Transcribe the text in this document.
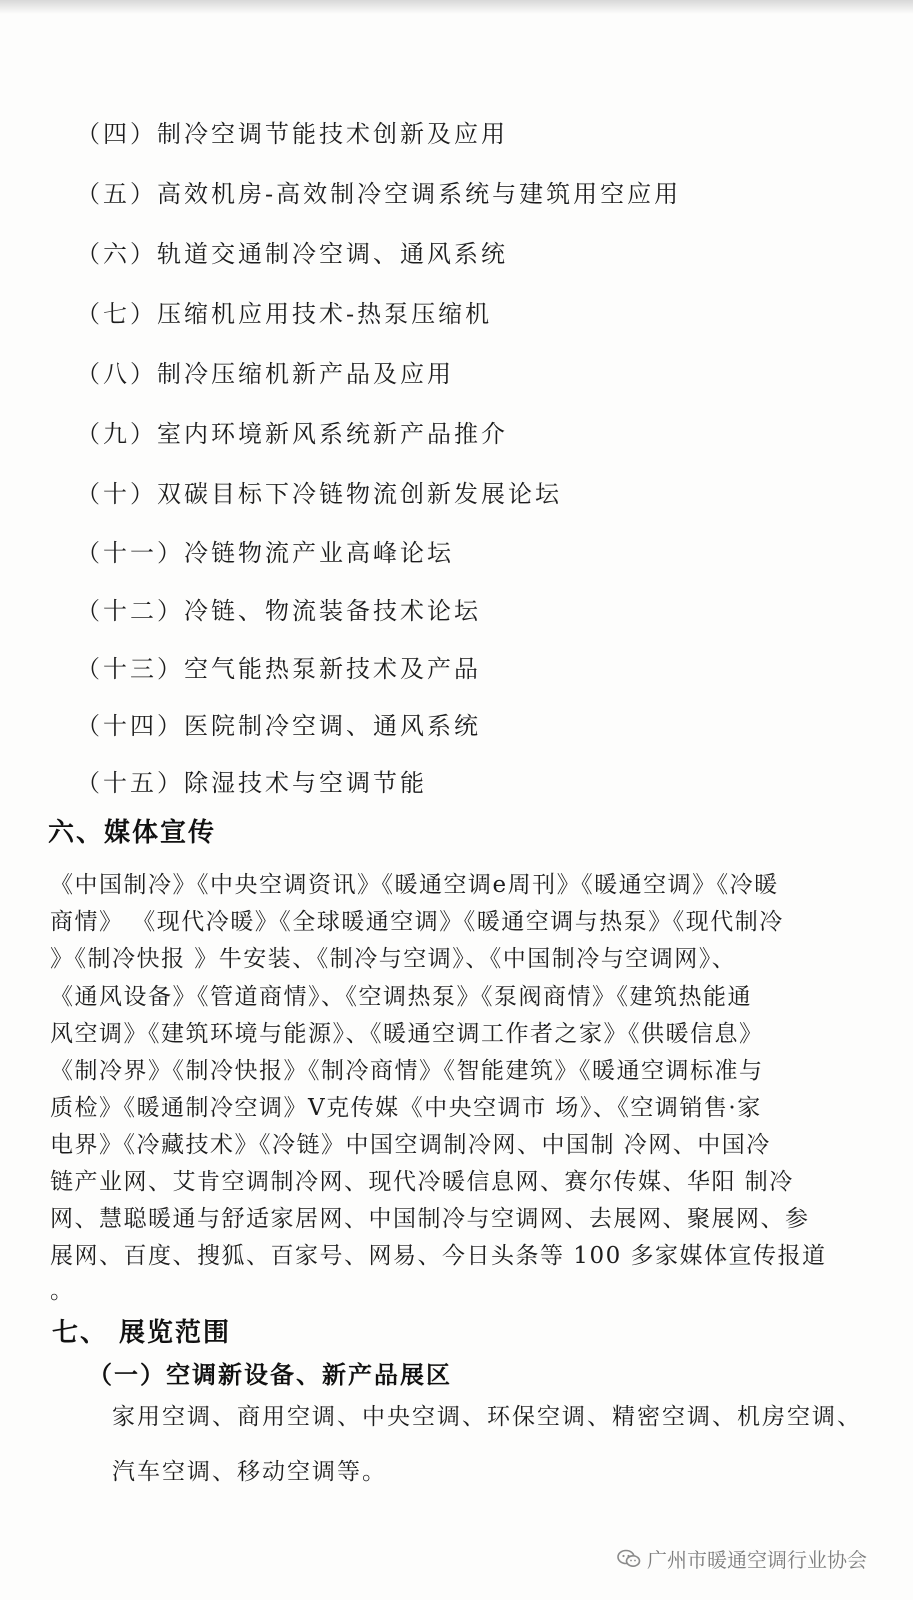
（四）制冷空调节能技术创新及应用
（五）高效机房-高效制冷空调系统与建筑用空应用
（六）轨道交通制冷空调、通风系统
（七）压缩机应用技术-热泵压缩机
（八）制冷压缩机新产品及应用
（九）室内环境新风系统新产品推介
（十）双碳目标下冷链物流创新发展论坛
（十一）冷链物流产业高峰论坛
（十二）冷链、物流装备技术论坛
（十三）空气能热泵新技术及产品
（十四）医院制冷空调、通风系统
（十五）除湿技术与空调节能
六、媒体宣传
《中国制冷》《中央空调资讯》《暖通空调e周刊》《暖通空调》《冷暖
商情》 《现代冷暖》《全球暖通空调》《暖通空调与热泵》《现代制冷
》《制冷快报 》牛安装、《制冷与空调》、《中国制冷与空调网》、
《通风设备》《管道商情》、《空调热泵》《泵阀商情》《建筑热能通
风空调》《建筑环境与能源》、《暖通空调工作者之家》《供暖信息》
《制冷界》《制冷快报》《制冷商情》《智能建筑》《暖通空调标准与
质检》《暖通制冷空调》V克传媒《中央空调市 场》、《空调销售·家
电界》《冷藏技术》《冷链》中国空调制冷网、中国制 冷网、中国冷
链产业网、艾肯空调制冷网、现代冷暖信息网、赛尔传媒、华阳 制冷
网、慧聪暖通与舒适家居网、中国制冷与空调网、去展网、聚展网、参
展网、百度、搜狐、百家号、网易、今日头条等 100 多家媒体宣传报道
。
七、 展览范围
（一）空调新设备、新产品展区
家用空调、商用空调、中央空调、环保空调、精密空调、机房空调、
汽车空调、移动空调等。
广州市暖通空调行业协会
